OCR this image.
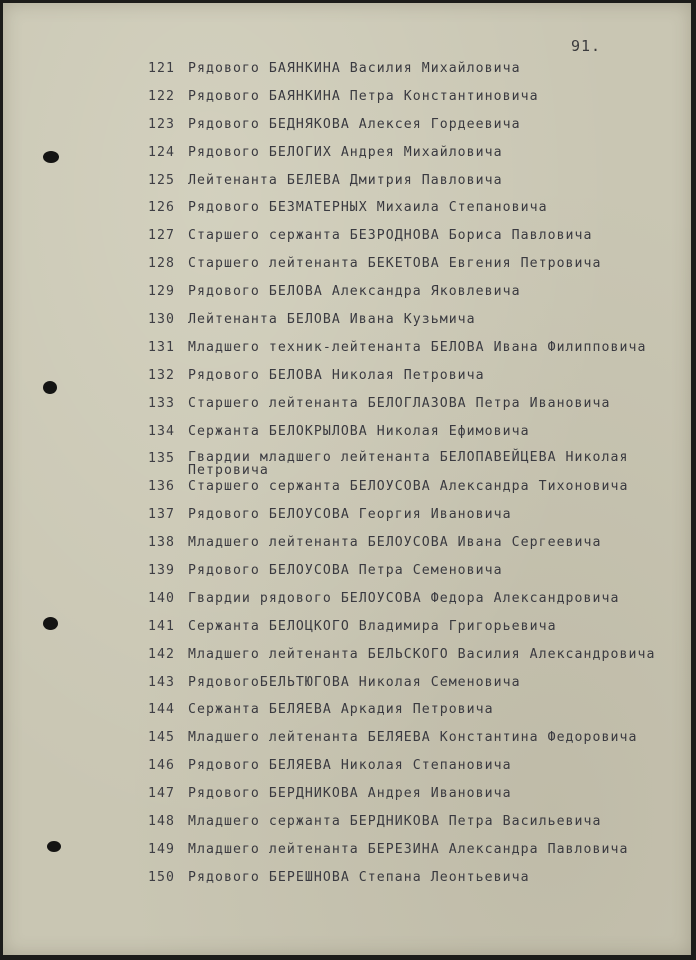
91.
121 Рядового БАЯНКИНА Василия Михайловича
122 Рядового БАЯНКИНА Петра Константиновича
123 Рядового БЕДНЯКОВА Алексея Гордеевича
124 Рядового БЕЛОГИХ Андрея Михайловича
125 Лейтенанта БЕЛЕВА Дмитрия Павловича
126 Рядового БЕЗМАТЕРНЫХ Михаила Степановича
127 Старшего сержанта БЕЗРОДНОВА Бориса Павловича
128 Старшего лейтенанта БЕКЕТОВА Евгения Петровича
129 Рядового БЕЛОВА Александра Яковлевича
130 Лейтенанта БЕЛОВА Ивана Кузьмича
131 Младшего техник-лейтенанта БЕЛОВА Ивана Филипповича
132 Рядового БЕЛОВА Николая Петровича
133 Старшего лейтенанта БЕЛОГЛАЗОВА Петра Ивановича
134 Сержанта БЕЛОКРЫЛОВА Николая Ефимовича
135 Гвардии младшего лейтенанта БЕЛОПАВЕЙЦЕВА Николая Петровича
136 Старшего сержанта БЕЛОУСОВА Александра Тихоновича
137 Рядового БЕЛОУСОВА Георгия Ивановича
138 Младшего лейтенанта БЕЛОУСОВА Ивана Сергеевича
139 Рядового БЕЛОУСОВА Петра Семеновича
140 Гвардии рядового БЕЛОУСОВА Федора Александровича
141 Сержанта БЕЛОЦКОГО Владимира Григорьевича
142 Младшего лейтенанта БЕЛЬСКОГО Василия Александровича
143 РядовогоБЕЛЬТЮГОВА Николая Семеновича
144 Сержанта БЕЛЯЕВА Аркадия Петровича
145 Младшего лейтенанта БЕЛЯЕВА Константина Федоровича
146 Рядового БЕЛЯЕВА Николая Степановича
147 Рядового БЕРДНИКОВА Андрея Ивановича
148 Младшего сержанта БЕРДНИКОВА Петра Васильевича
149 Младшего лейтенанта БЕРЕЗИНА Александра Павловича
150 Рядового БЕРЕШНОВА Степана Леонтьевича
